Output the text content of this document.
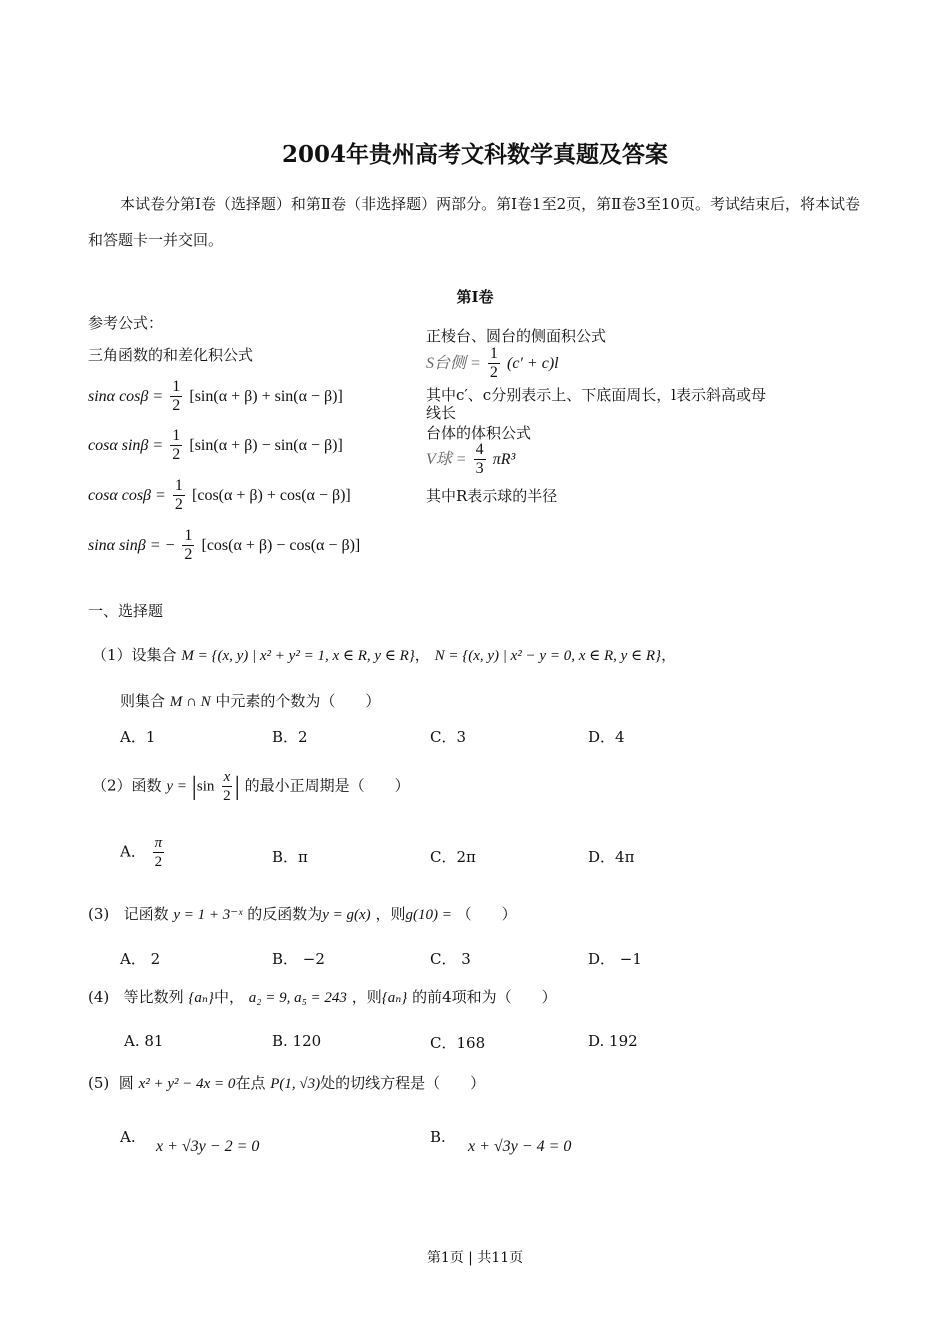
2004年贵州高考文科数学真题及答案
本试卷分第Ⅰ卷（选择题）和第Ⅱ卷（非选择题）两部分。第Ⅰ卷1至2页，第Ⅱ卷3至10页。考试结束后，将本试卷和答题卡一并交回。
第Ⅰ卷
参考公式：
三角函数的和差化积公式
sinα $\cos\beta = \frac{1}{2} [\sin(\alpha + \beta) + \sin(\alpha - \beta)]$
cosα $\sin\beta = \frac{1}{2} [\sin(\alpha + \beta) - \sin(\alpha - \beta)]$
cosα $\cos\beta = \frac{1}{2} [\cos(\alpha + \beta) + \cos(\alpha - \beta)]$
sinα sinβ = − $\frac{1}{2} [\cos(\alpha + \beta) - \cos(\alpha - \beta)]$
正棱台、圆台的侧面积公式
S台侧 = $\frac{1}{2} (c' + c)l$
其中c′、c分别表示上、下底面周长，l表示斜高或母线长
台体的体积公式
V球 = $\frac{4}{3} \pi R^3$
其中R表示球的半径
一、选择题
（1）设集合 M = {(x, y) | x² + y² = 1, x ∈ R, y ∈ R}， N = {(x, y) | x² − y = 0, x ∈ R, y ∈ R}，
则集合 M ∩ N 中元素的个数为（　　）
A．1	B．2	C．3	D．4
（2）函数 $y = |\sin \frac{x}{2}$ | 的最小正周期是（　　）
A． $\frac{\pi}{2}$	B．π	C．2π	D．4π
(3) 记函数 y = 1 + 3⁻ˣ 的反函数为y = g(x) ，则g(10) = （　　）
A． 2	B． −2	C． 3	D． −1
(4) 等比数列 {aₙ}中， a₂ = 9, a₅ = 243 ，则{aₙ} 的前4项和为（　　）
A. 81	B. 120	C．168	D. 192
(5) 圆 x² + y² − 4x = 0在点 P(1, √3)处的切线方程是（　　）
A.
x + √3y − 2 = 0
B.
x + √3y − 4 = 0
第1页 | 共11页
